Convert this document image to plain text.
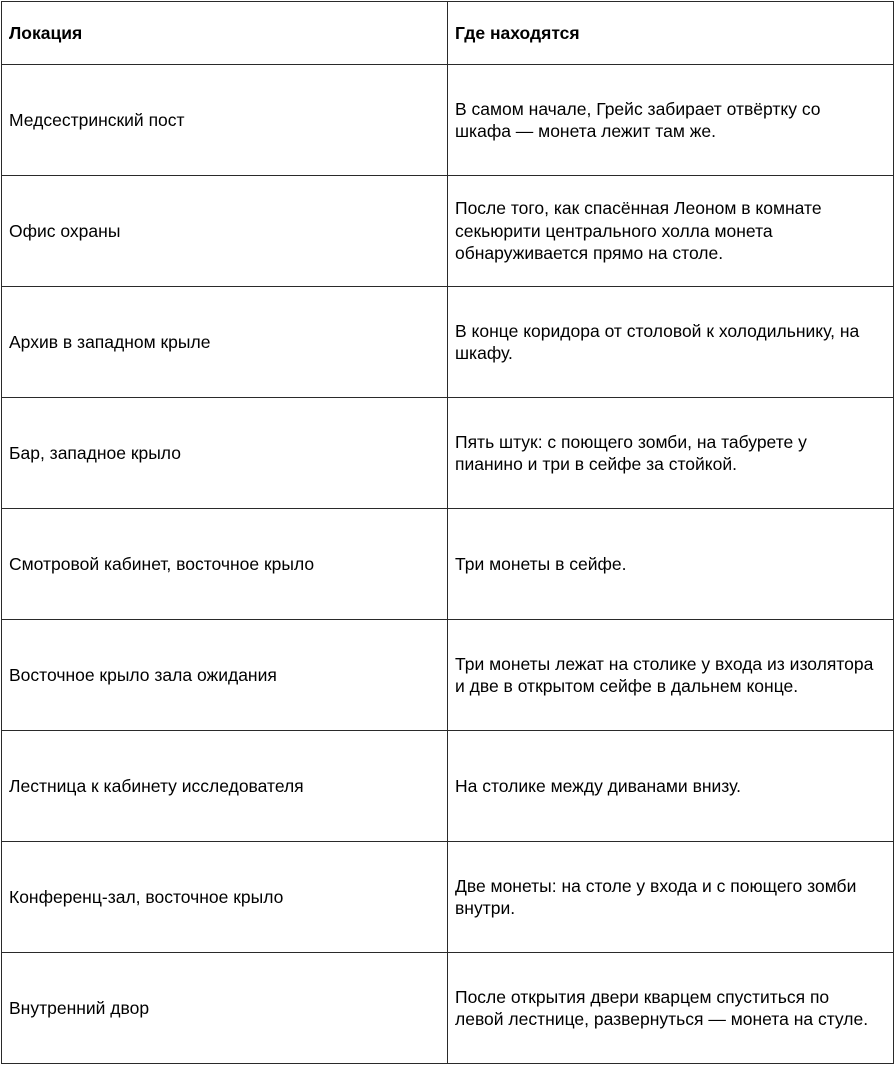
Локация	Где находятся
Медсестринский пост	В самом начале, Грейс забирает отвёртку со шкафа — монета лежит там же.
Офис охраны	После того, как спасённая Леоном в комнате секьюрити центрального холла монета обнаруживается прямо на столе.
Архив в западном крыле	В конце коридора от столовой к холодильнику, на шкафу.
Бар, западное крыло	Пять штук: с поющего зомби, на табурете у пианино и три в сейфе за стойкой.
Смотровой кабинет, восточное крыло	Три монеты в сейфе.
Восточное крыло зала ожидания	Три монеты лежат на столике у входа из изолятора и две в открытом сейфе в дальнем конце.
Лестница к кабинету исследователя	На столике между диванами внизу.
Конференц-зал, восточное крыло	Две монеты: на столе у входа и с поющего зомби внутри.
Внутренний двор	После открытия двери кварцем спуститься по левой лестнице, развернуться — монета на стуле.
